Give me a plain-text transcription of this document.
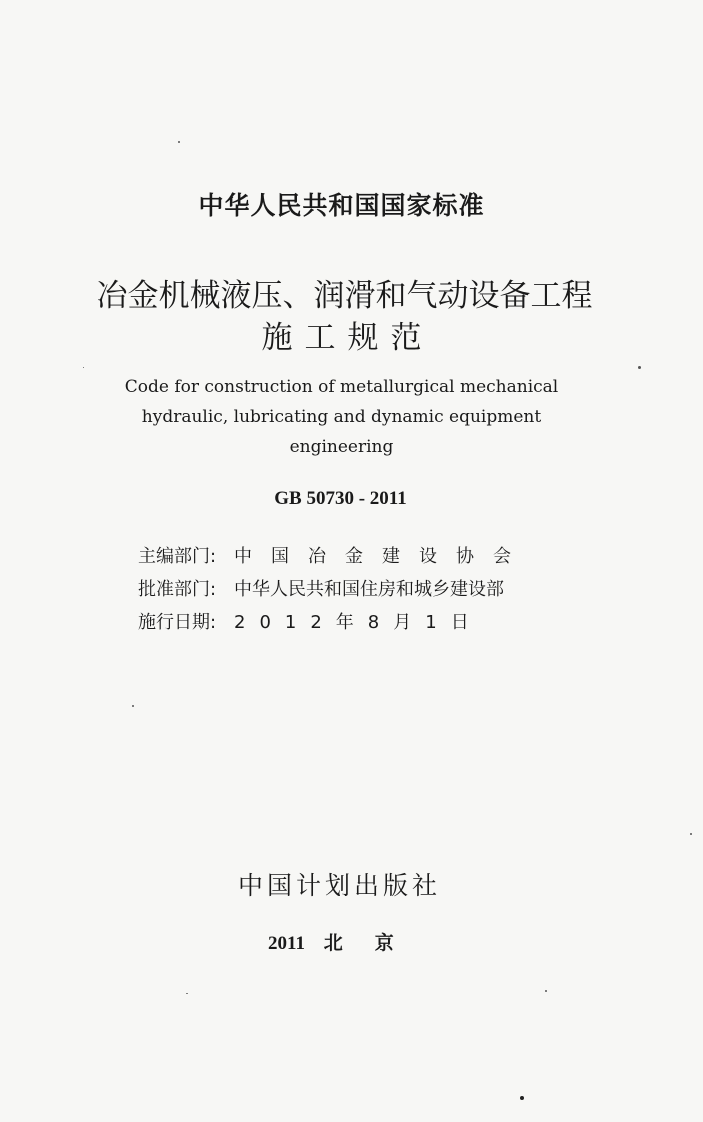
中华人民共和国国家标准
冶金机械液压、润滑和气动设备工程
施工规范
Code for construction of metallurgical mechanical
hydraulic, lubricating and dynamic equipment
engineering
GB 50730 - 2011
主编部门: 中国冶金建设协会
批准部门: 中华人民共和国住房和城乡建设部
施行日期: 2012年8月1日
中国计划出版社
2011 北京
